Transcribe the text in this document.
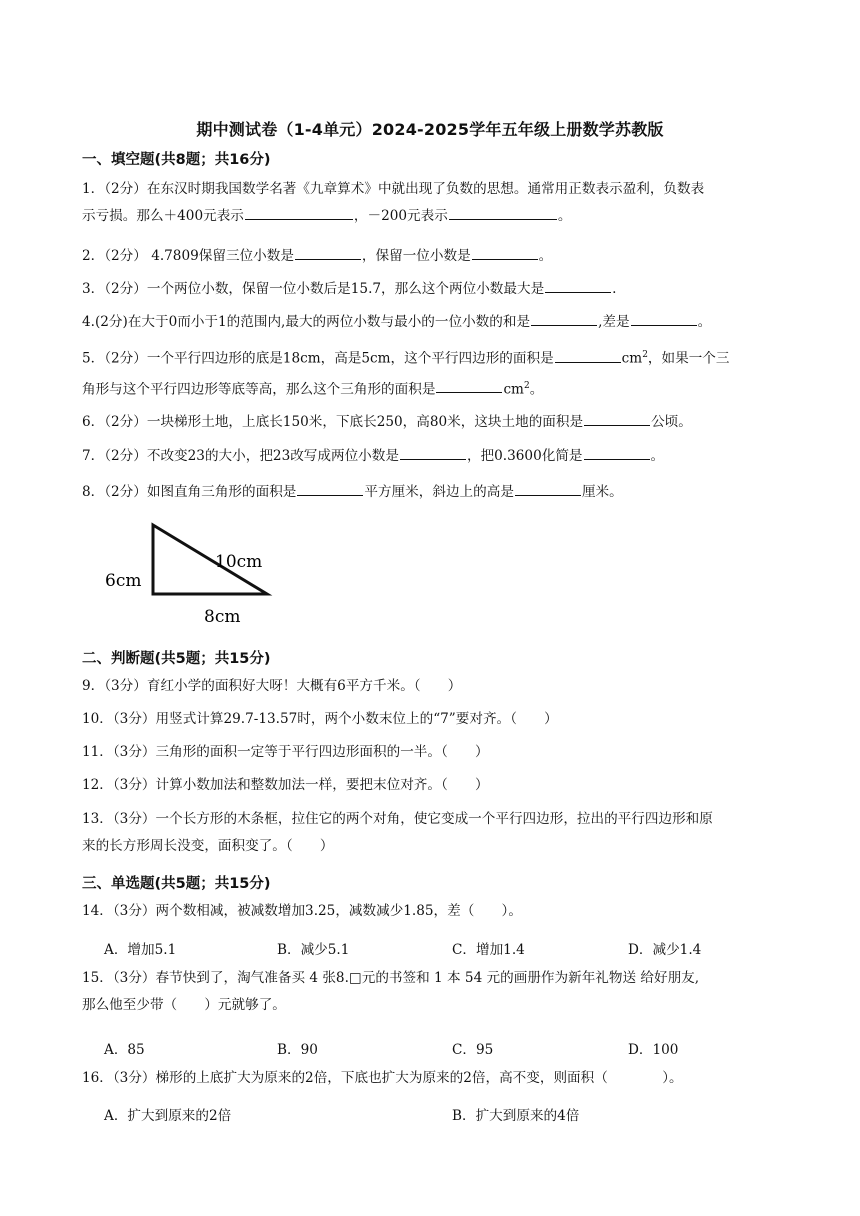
期中测试卷（1-4单元）2024-2025学年五年级上册数学苏教版
一、填空题(共8题；共16分)
1．（2分）在东汉时期我国数学名著《九章算术》中就出现了负数的思想。通常用正数表示盈利，负数表
示亏损。那么＋400元表示	，－200元表示	。
2．（2分） 4.7809保留三位小数是	，保留一位小数是	。
3．（2分）一个两位小数，保留一位小数后是15.7，那么这个两位小数最大是	.
4.(2分)在大于0而小于1的范围内,最大的两位小数与最小的一位小数的和是	,差是	。
5．（2分）一个平行四边形的底是18cm，高是5cm，这个平行四边形的面积是	$cm^2$，如果一个三
角形与这个平行四边形等底等高，那么这个三角形的面积是	$cm^2$。
6．（2分）一块梯形土地，上底长150米，下底长250，高80米，这块土地的面积是	公顷。
7．（2分）不改变23的大小，把23改写成两位小数是	，把0.3600化简是	。
8．（2分）如图直角三角形的面积是	平方厘米，斜边上的高是	厘米。
6cm
10cm
8cm
二、判断题(共5题；共15分)
9．（3分）育红小学的面积好大呀！大概有6平方千米。（　　）
10．（3分）用竖式计算29.7-13.57时，两个小数末位上的“7”要对齐。（　　）
11．（3分）三角形的面积一定等于平行四边形面积的一半。（　　）
12．（3分）计算小数加法和整数加法一样，要把末位对齐。（　　）
13．（3分）一个长方形的木条框，拉住它的两个对角，使它变成一个平行四边形，拉出的平行四边形和原
来的长方形周长没变，面积变了。（　　）
三、单选题(共5题；共15分)
14．（3分）两个数相减，被减数增加3.25，减数减少1.85，差（　　）。
A．增加5.1	B．减少5.1	C．增加1.4	D．减少1.4
15．（3分）春节快到了，淘气准备买 4 张8.□元的书签和 1 本 54 元的画册作为新年礼物送 给好朋友,
那么他至少带（　　）元就够了。
A．85	B．90	C．95	D．100
16．（3分）梯形的上底扩大为原来的2倍，下底也扩大为原来的2倍，高不变，则面积（　　　　）。
A．扩大到原来的2倍	B．扩大到原来的4倍
